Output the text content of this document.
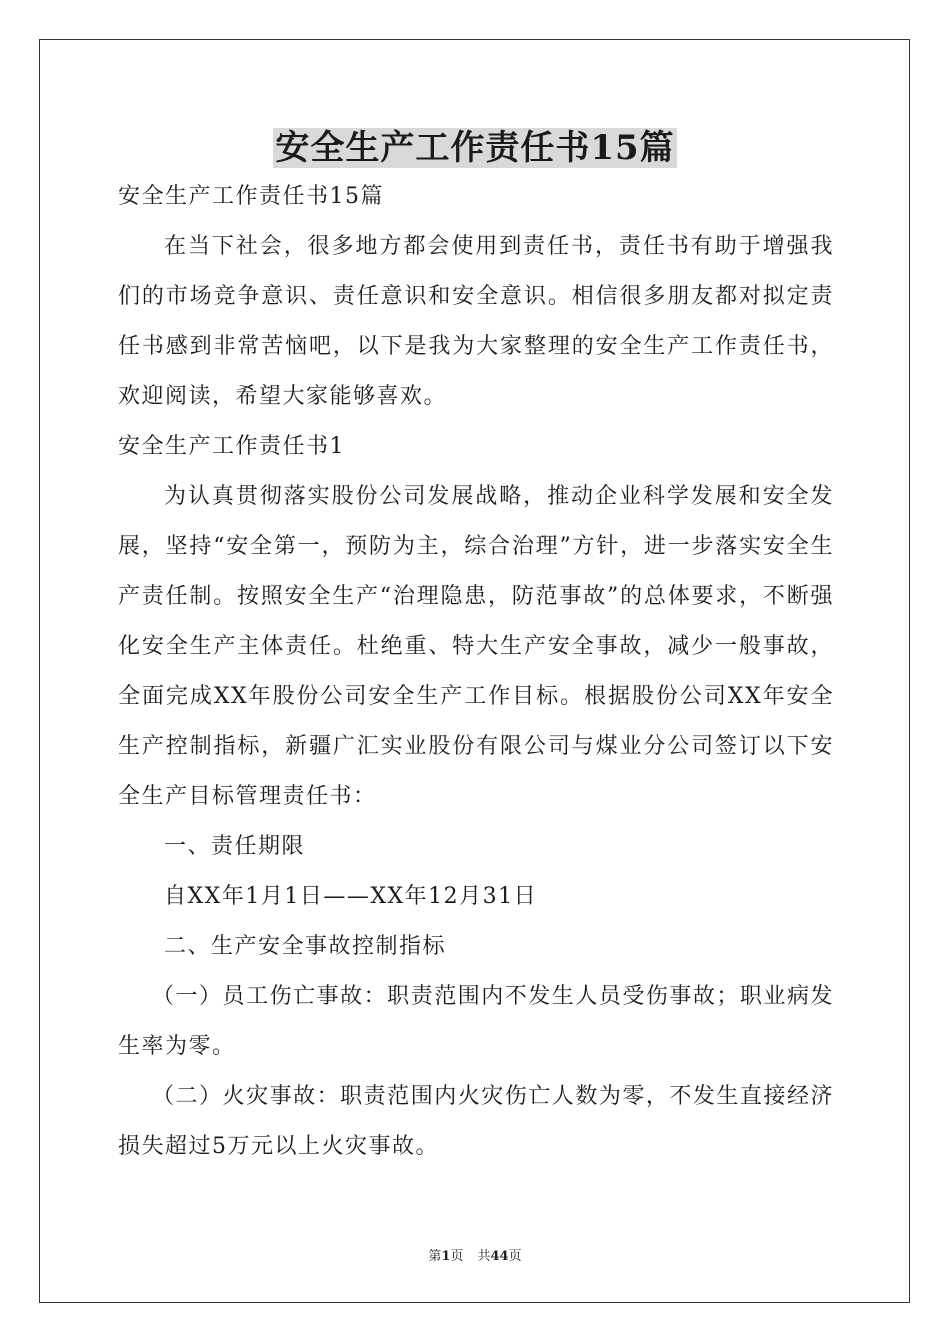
安全生产工作责任书15篇

安全生产工作责任书15篇

在当下社会，很多地方都会使用到责任书，责任书有助于增强我们的市场竞争意识、责任意识和安全意识。相信很多朋友都对拟定责任书感到非常苦恼吧，以下是我为大家整理的安全生产工作责任书，欢迎阅读，希望大家能够喜欢。

安全生产工作责任书1

为认真贯彻落实股份公司发展战略，推动企业科学发展和安全发展，坚持“安全第一，预防为主，综合治理”方针，进一步落实安全生产责任制。按照安全生产“治理隐患，防范事故”的总体要求，不断强化安全生产主体责任。杜绝重、特大生产安全事故，减少一般事故，全面完成XX年股份公司安全生产工作目标。根据股份公司XX年安全生产控制指标，新疆广汇实业股份有限公司与煤业分公司签订以下安全生产目标管理责任书：

一、责任期限

自XX年1月1日——XX年12月31日

二、生产安全事故控制指标

（一）员工伤亡事故：职责范围内不发生人员受伤事故；职业病发生率为零。

（二）火灾事故：职责范围内火灾伤亡人数为零，不发生直接经济损失超过5万元以上火灾事故。

第1页 共44页
